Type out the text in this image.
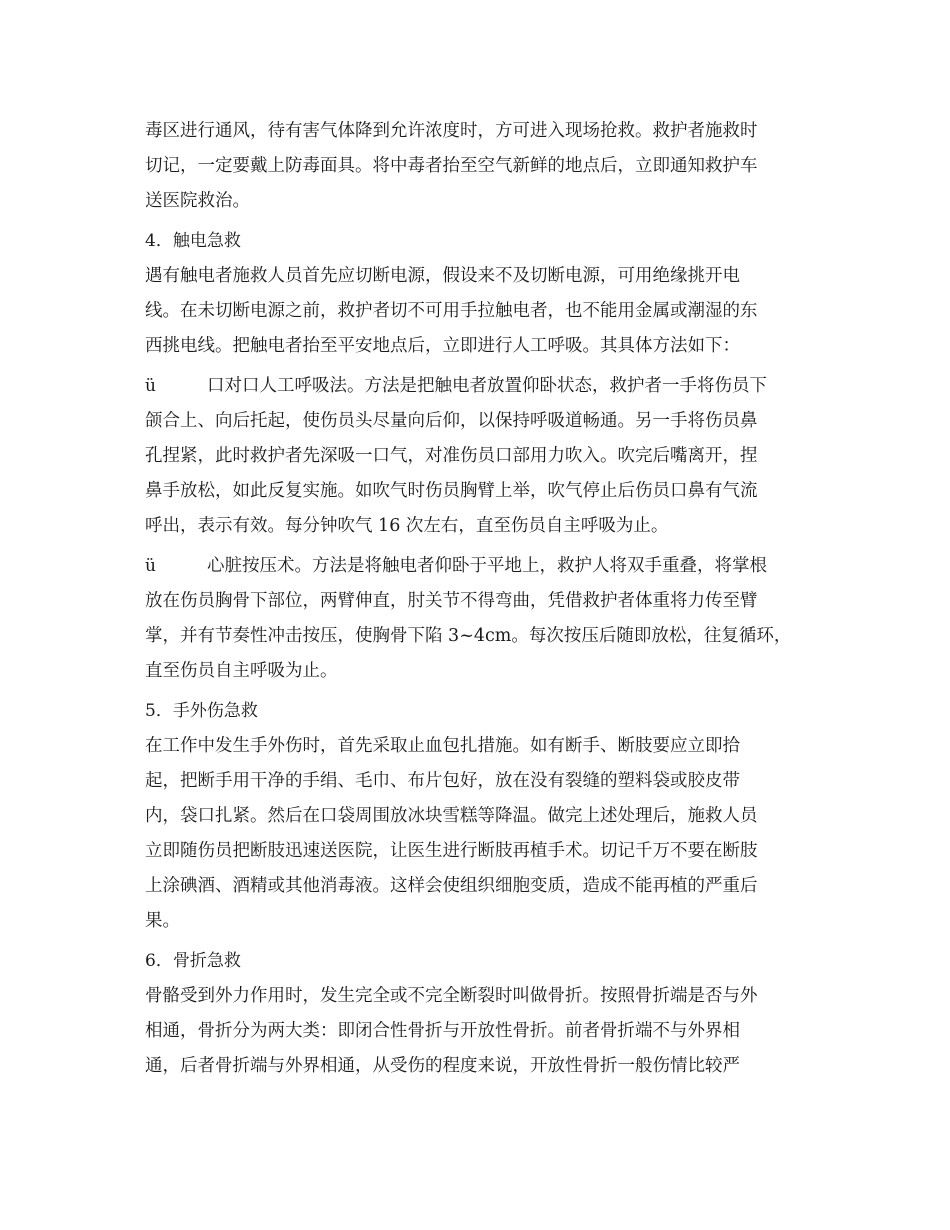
毒区进行通风，待有害气体降到允许浓度时，方可进入现场抢救。救护者施救时
切记，一定要戴上防毒面具。将中毒者抬至空气新鲜的地点后，立即通知救护车
送医院救治。
4．触电急救
遇有触电者施救人员首先应切断电源，假设来不及切断电源，可用绝缘挑开电
线。在未切断电源之前，救护者切不可用手拉触电者，也不能用金属或潮湿的东
西挑电线。把触电者抬至平安地点后，立即进行人工呼吸。其具体方法如下：
ü	口对口人工呼吸法。方法是把触电者放置仰卧状态，救护者一手将伤员下
颌合上、向后托起，使伤员头尽量向后仰，以保持呼吸道畅通。另一手将伤员鼻
孔捏紧，此时救护者先深吸一口气，对准伤员口部用力吹入。吹完后嘴离开，捏
鼻手放松，如此反复实施。如吹气时伤员胸臂上举，吹气停止后伤员口鼻有气流
呼出，表示有效。每分钟吹气 16 次左右，直至伤员自主呼吸为止。
ü	心脏按压术。方法是将触电者仰卧于平地上，救护人将双手重叠，将掌根
放在伤员胸骨下部位，两臂伸直，肘关节不得弯曲，凭借救护者体重将力传至臂
掌，并有节奏性冲击按压，使胸骨下陷 3~4cm。每次按压后随即放松，往复循环，
直至伤员自主呼吸为止。
5．手外伤急救
在工作中发生手外伤时，首先采取止血包扎措施。如有断手、断肢要应立即拾
起，把断手用干净的手绢、毛巾、布片包好，放在没有裂缝的塑料袋或胶皮带
内，袋口扎紧。然后在口袋周围放冰块雪糕等降温。做完上述处理后，施救人员
立即随伤员把断肢迅速送医院，让医生进行断肢再植手术。切记千万不要在断肢
上涂碘酒、酒精或其他消毒液。这样会使组织细胞变质，造成不能再植的严重后
果。
6．骨折急救
骨骼受到外力作用时，发生完全或不完全断裂时叫做骨折。按照骨折端是否与外
相通，骨折分为两大类：即闭合性骨折与开放性骨折。前者骨折端不与外界相
通，后者骨折端与外界相通，从受伤的程度来说，开放性骨折一般伤情比较严
